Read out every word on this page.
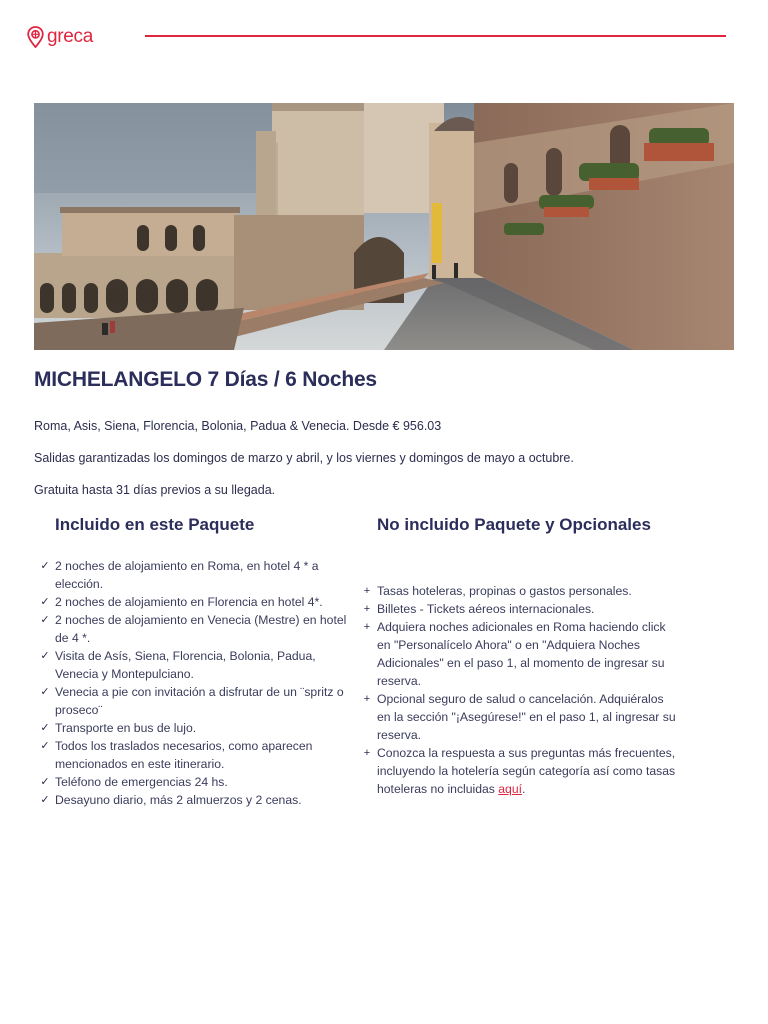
greca
MICHELANGELO 7 Días / 6 Noches

Roma, Asis, Siena, Florencia, Bolonia, Padua & Venecia. Desde € 956.03

Salidas garantizadas los domingos de marzo y abril, y los viernes y domingos de mayo a octubre.

Gratuita hasta 31 días previos a su llegada.

Incluido en este Paquete	No incluido Paquete y Opcionales
✓ 2 noches de alojamiento en Roma, en hotel 4 * a elección.
✓ 2 noches de alojamiento en Florencia en hotel 4*.
✓ 2 noches de alojamiento en Venecia (Mestre) en hotel de 4 *.
✓ Visita de Asís, Siena, Florencia, Bolonia, Padua, Venecia y Montepulciano.
✓ Venecia a pie con invitación a disfrutar de un ¨spritz o proseco¨
✓ Transporte en bus de lujo.
✓ Todos los traslados necesarios, como aparecen mencionados en este itinerario.
✓ Teléfono de emergencias 24 hs.
✓ Desayuno diario, más 2 almuerzos y 2 cenas.
+ Tasas hoteleras, propinas o gastos personales.
+ Billetes - Tickets aéreos internacionales.
+ Adquiera noches adicionales en Roma haciendo click en "Personalícelo Ahora" o en "Adquiera Noches Adicionales" en el paso 1, al momento de ingresar su reserva.
+ Opcional seguro de salud o cancelación. Adquiéralos en la sección "¡Asegúrese!" en el paso 1, al ingresar su reserva.
+ Conozca la respuesta a sus preguntas más frecuentes, incluyendo la hotelería según categoría así como tasas hoteleras no incluidas aquí.
